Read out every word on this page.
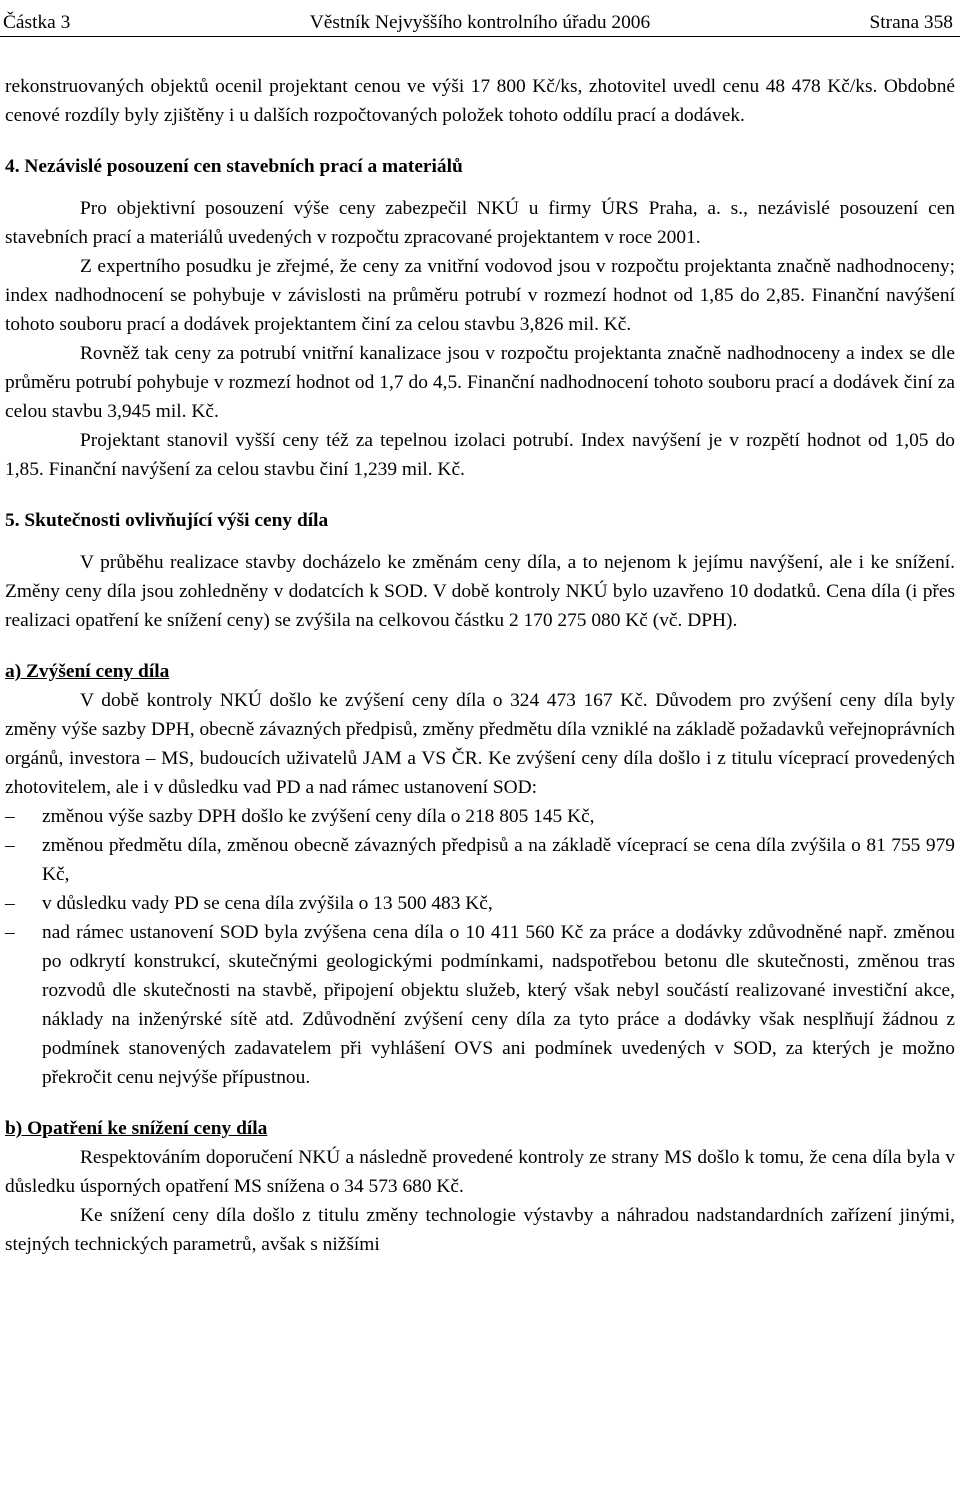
Částka 3	Věstník Nejvyššího kontrolního úřadu 2006	Strana 358

rekonstruovaných objektů ocenil projektant cenou ve výši 17 800 Kč/ks, zhotovitel uvedl cenu 48 478 Kč/ks. Obdobné cenové rozdíly byly zjištěny i u dalších rozpočtovaných položek tohoto oddílu prací a dodávek.

4. Nezávislé posouzení cen stavebních prací a materiálů

Pro objektivní posouzení výše ceny zabezpečil NKÚ u firmy ÚRS Praha, a. s., nezávislé posouzení cen stavebních prací a materiálů uvedených v rozpočtu zpracované projektantem v roce 2001.

Z expertního posudku je zřejmé, že ceny za vnitřní vodovod jsou v rozpočtu projektanta značně nadhodnoceny; index nadhodnocení se pohybuje v závislosti na průměru potrubí v rozmezí hodnot od 1,85 do 2,85. Finanční navýšení tohoto souboru prací a dodávek projektantem činí za celou stavbu 3,826 mil. Kč.

Rovněž tak ceny za potrubí vnitřní kanalizace jsou v rozpočtu projektanta značně nadhodnoceny a index se dle průměru potrubí pohybuje v rozmezí hodnot od 1,7 do 4,5. Finanční nadhodnocení tohoto souboru prací a dodávek činí za celou stavbu 3,945 mil. Kč.

Projektant stanovil vyšší ceny též za tepelnou izolaci potrubí. Index navýšení je v rozpětí hodnot od 1,05 do 1,85. Finanční navýšení za celou stavbu činí 1,239 mil. Kč.

5. Skutečnosti ovlivňující výši ceny díla

V průběhu realizace stavby docházelo ke změnám ceny díla, a to nejenom k jejímu navýšení, ale i ke snížení. Změny ceny díla jsou zohledněny v dodatcích k SOD. V době kontroly NKÚ bylo uzavřeno 10 dodatků. Cena díla (i přes realizaci opatření ke snížení ceny) se zvýšila na celkovou částku 2 170 275 080 Kč (vč. DPH).

a) Zvýšení ceny díla

V době kontroly NKÚ došlo ke zvýšení ceny díla o 324 473 167 Kč. Důvodem pro zvýšení ceny díla byly změny výše sazby DPH, obecně závazných předpisů, změny předmětu díla vzniklé na základě požadavků veřejnoprávních orgánů, investora – MS, budoucích uživatelů JAM a VS ČR. Ke zvýšení ceny díla došlo i z titulu víceprací provedených zhotovitelem, ale i v důsledku vad PD a nad rámec ustanovení SOD:

– změnou výše sazby DPH došlo ke zvýšení ceny díla o 218 805 145 Kč,
– změnou předmětu díla, změnou obecně závazných předpisů a na základě víceprací se cena díla zvýšila o 81 755 979 Kč,
– v důsledku vady PD se cena díla zvýšila o 13 500 483 Kč,
– nad rámec ustanovení SOD byla zvýšena cena díla o 10 411 560 Kč za práce a dodávky zdůvodněné např. změnou po odkrytí konstrukcí, skutečnými geologickými podmínkami, nadspotřebou betonu dle skutečnosti, změnou tras rozvodů dle skutečnosti na stavbě, připojení objektu služeb, který však nebyl součástí realizované investiční akce, náklady na inženýrské sítě atd. Zdůvodnění zvýšení ceny díla za tyto práce a dodávky však nesplňují žádnou z podmínek stanovených zadavatelem při vyhlášení OVS ani podmínek uvedených v SOD, za kterých je možno překročit cenu nejvýše přípustnou.

b) Opatření ke snížení ceny díla

Respektováním doporučení NKÚ a následně provedené kontroly ze strany MS došlo k tomu, že cena díla byla v důsledku úsporných opatření MS snížena o 34 573 680 Kč.

Ke snížení ceny díla došlo z titulu změny technologie výstavby a náhradou nadstandardních zařízení jinými, stejných technických parametrů, avšak s nižšími
